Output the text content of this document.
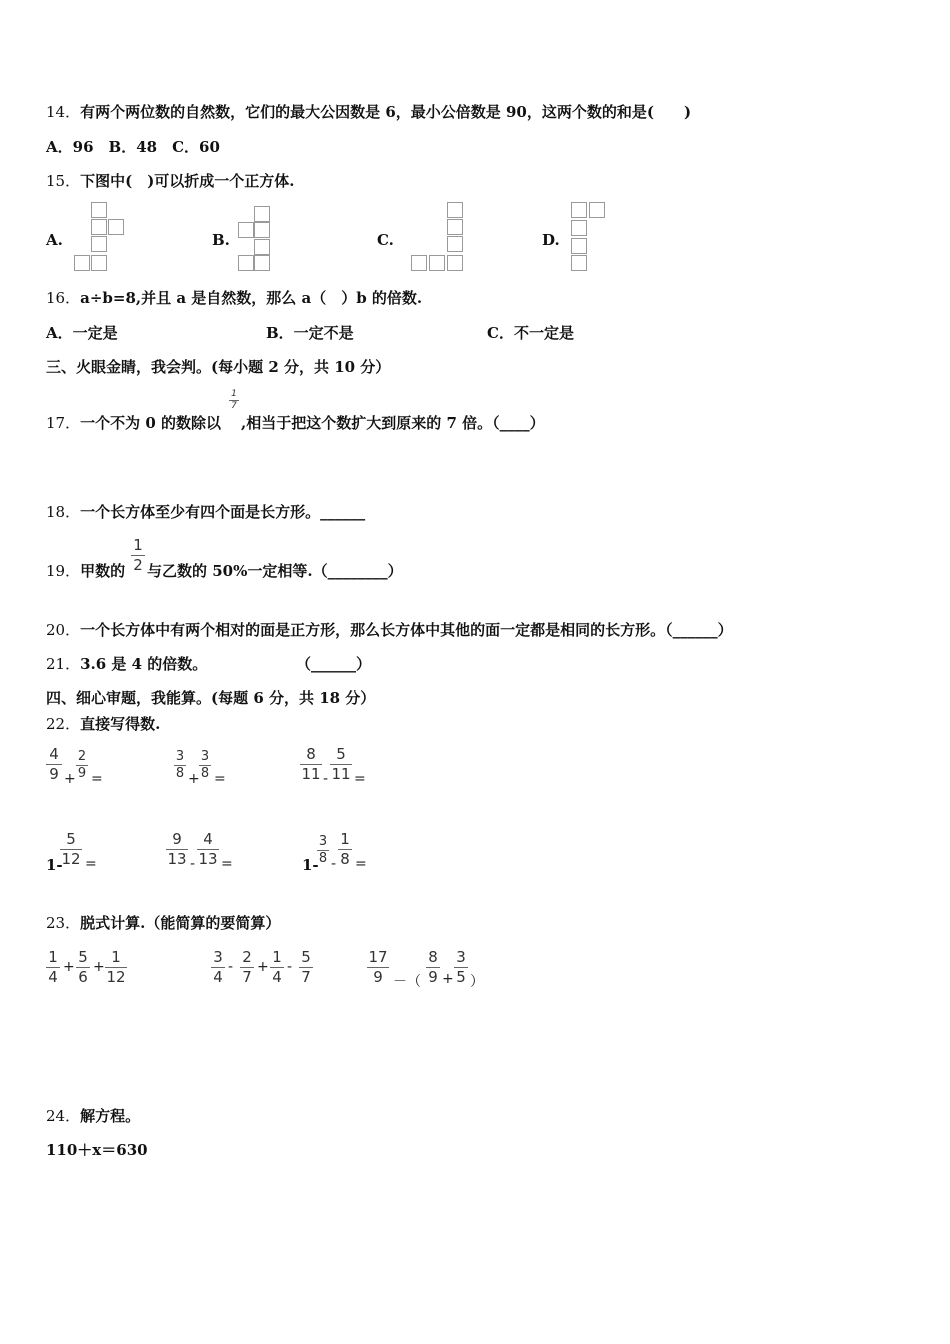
14．有两个两位数的自然数，它们的最大公因数是 6，最小公倍数是 90，这两个数的和是(　　)
A．96　B．48　C．60
15．下图中(　)可以折成一个正方体.
A.	B.	C.	D.
16．a÷b=8,并且 a 是自然数，那么 a（　）b 的倍数.
A．一定是	B．一定不是	C．不一定是
三、火眼金睛，我会判。(每小题 2 分，共 10 分）
17．一个不为 0 的数除以
1
7
,相当于把这个数扩大到原来的 7 倍。（____）
18．一个长方体至少有四个面是长方形。______
19．甲数的
1
2 与乙数的 50%一定相等.（________）
20．一个长方体中有两个相对的面是正方形，那么长方体中其他的面一定都是相同的长方形。（______）
21．3.6 是 4 的倍数。	（______）
四、细心审题，我能算。(每题 6 分，共 18 分）
22．直接写得数.
4
9 +
2
9 =
3
8 +
3
8 =
8
11 -
5
11 =
1-
5
12 =
9
13 -
4
13 =	1-
3
8 -
1
8 =
23．脱式计算.（能简算的要简算）
1
4
+
5
6
+
1
12
3
4
-
2
7
+
1
4
-
5
7
17
9 －（
8
9 +
3
5 ）
24．解方程。
110＋x＝630
